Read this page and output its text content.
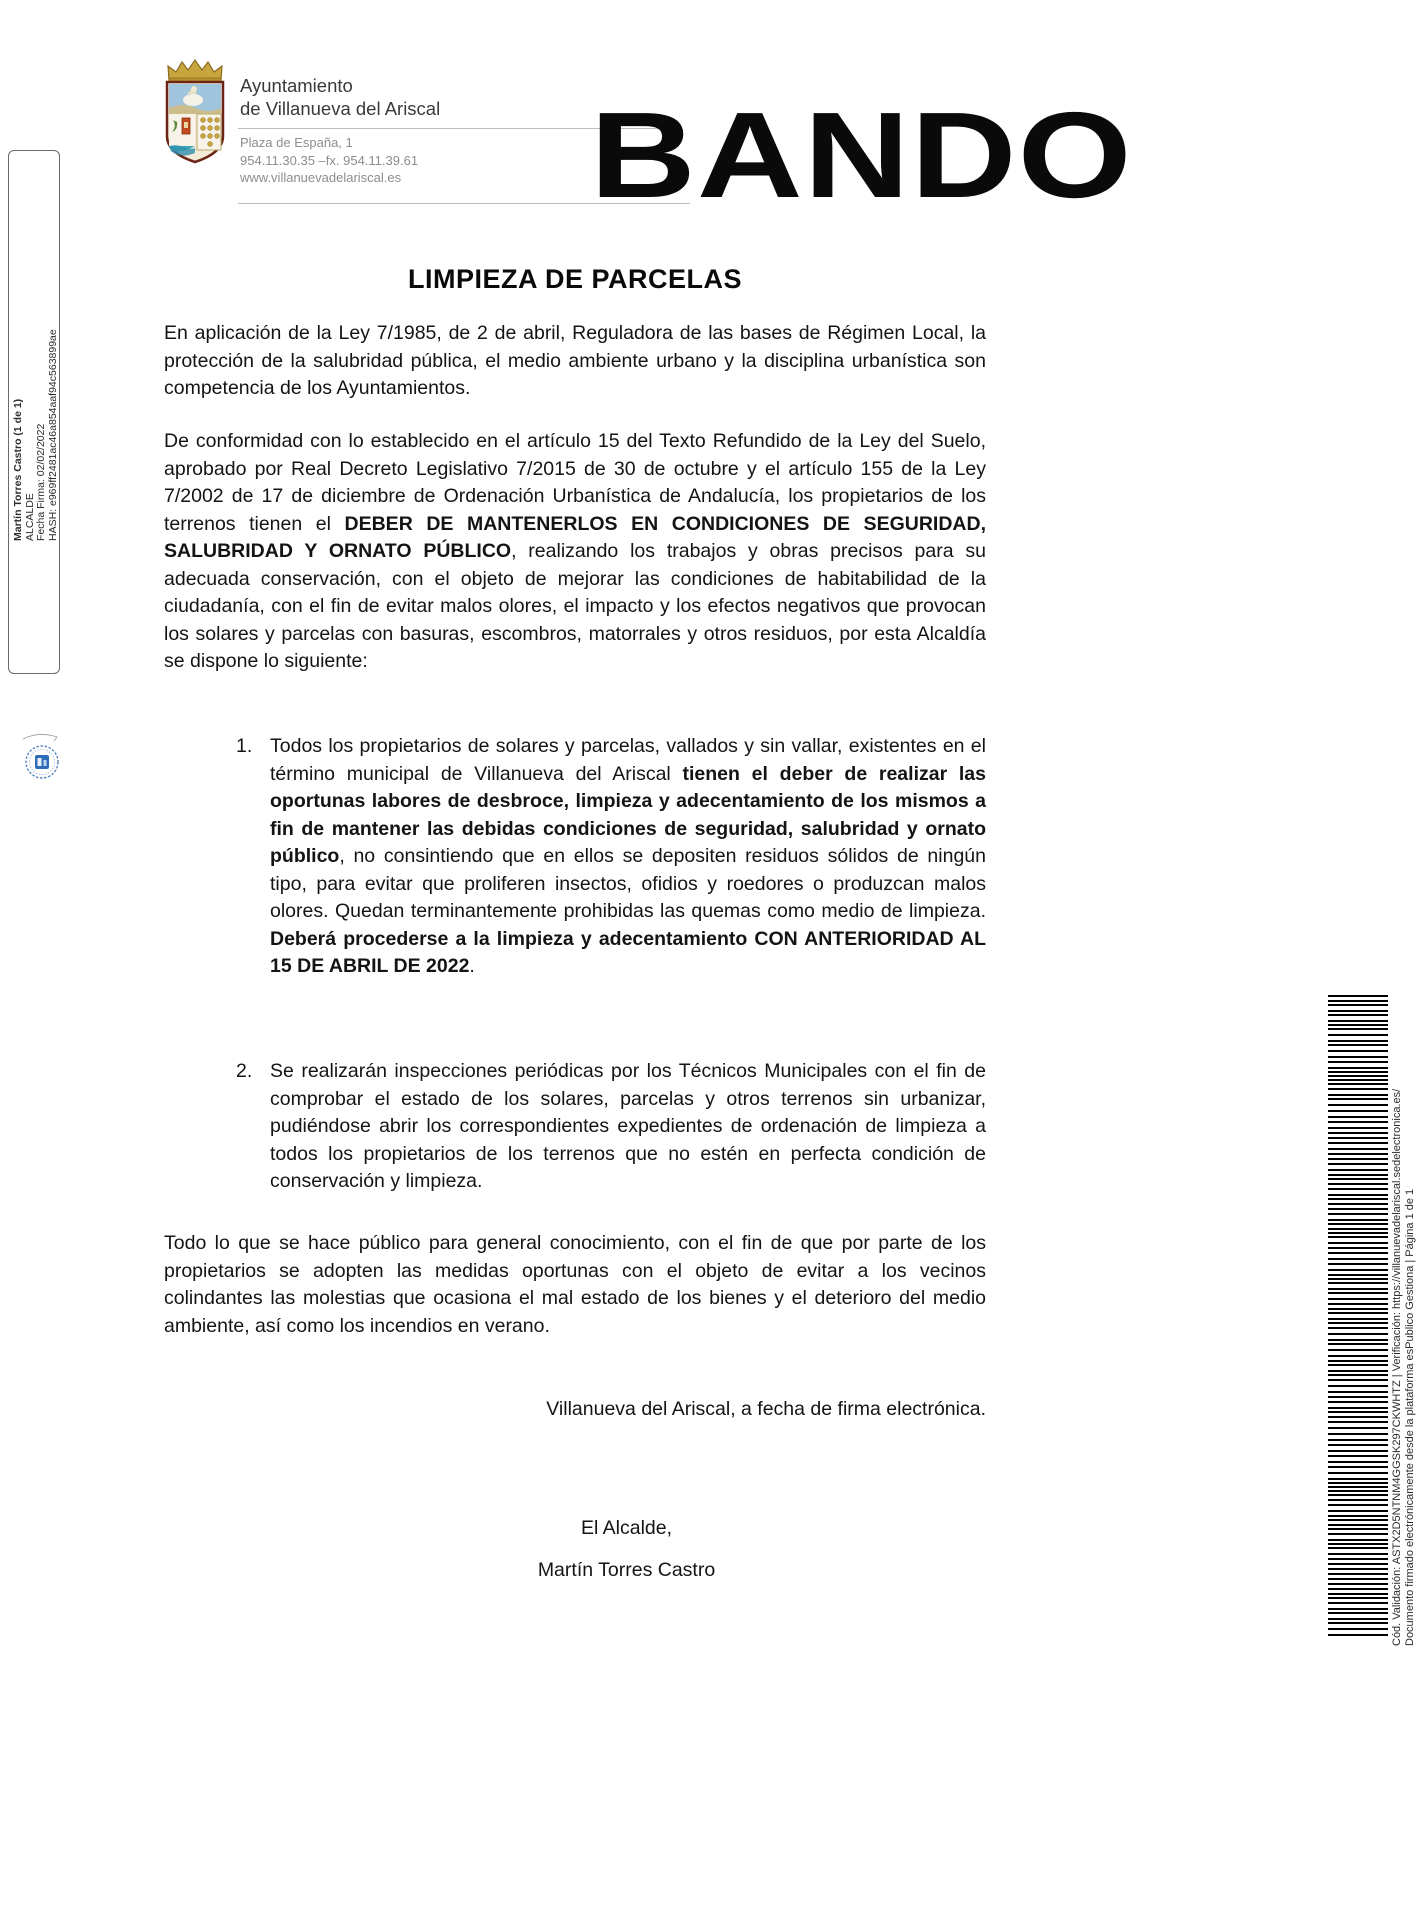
Martín Torres Castro (1 de 1) ALCALDE Fecha Firma: 02/02/2022 HASH: e969ff2481ac46a854aaf94c563899ae
Ayuntamiento
de Villanueva del Ariscal
Plaza de España, 1
954.11.30.35 –fx. 954.11.39.61
www.villanuevadelariscal.es BANDO
LIMPIEZA DE PARCELAS
En aplicación de la Ley 7/1985, de 2 de abril, Reguladora de las bases de Régimen Local, la protección de la salubridad pública, el medio ambiente urbano y la disciplina urbanística son competencia de los Ayuntamientos.
De conformidad con lo establecido en el artículo 15 del Texto Refundido de la Ley del Suelo, aprobado por Real Decreto Legislativo 7/2015 de 30 de octubre y el artículo 155 de la Ley 7/2002 de 17 de diciembre de Ordenación Urbanística de Andalucía, los propietarios de los terrenos tienen el DEBER DE MANTENERLOS EN CONDICIONES DE SEGURIDAD, SALUBRIDAD Y ORNATO PÚBLICO, realizando los trabajos y obras precisos para su adecuada conservación, con el objeto de mejorar las condiciones de habitabilidad de la ciudadanía, con el fin de evitar malos olores, el impacto y los efectos negativos que provocan los solares y parcelas con basuras, escombros, matorrales y otros residuos, por esta Alcaldía se dispone lo siguiente:
1. Todos los propietarios de solares y parcelas, vallados y sin vallar, existentes en el término municipal de Villanueva del Ariscal tienen el deber de realizar las oportunas labores de desbroce, limpieza y adecentamiento de los mismos a fin de mantener las debidas condiciones de seguridad, salubridad y ornato público, no consintiendo que en ellos se depositen residuos sólidos de ningún tipo, para evitar que proliferen insectos, ofidios y roedores o produzcan malos olores. Quedan terminantemente prohibidas las quemas como medio de limpieza. Deberá procederse a la limpieza y adecentamiento CON ANTERIORIDAD AL 15 DE ABRIL DE 2022.
2. Se realizarán inspecciones periódicas por los Técnicos Municipales con el fin de comprobar el estado de los solares, parcelas y otros terrenos sin urbanizar, pudiéndose abrir los correspondientes expedientes de ordenación de limpieza a todos los propietarios de los terrenos que no estén en perfecta condición de conservación y limpieza.
Todo lo que se hace público para general conocimiento, con el fin de que por parte de los propietarios se adopten las medidas oportunas con el objeto de evitar a los vecinos colindantes las molestias que ocasiona el mal estado de los bienes y el deterioro del medio ambiente, así como los incendios en verano.
Villanueva del Ariscal, a fecha de firma electrónica.
El Alcalde,
Martín Torres Castro	Cód. Validación: ASTX2D5NTNM4GGSK297CKWHTZ | Verificación: https://villanuevadelariscal.sedelectronica.es/ Documento firmado electrónicamente desde la plataforma esPublico Gestiona | Página 1 de 1
